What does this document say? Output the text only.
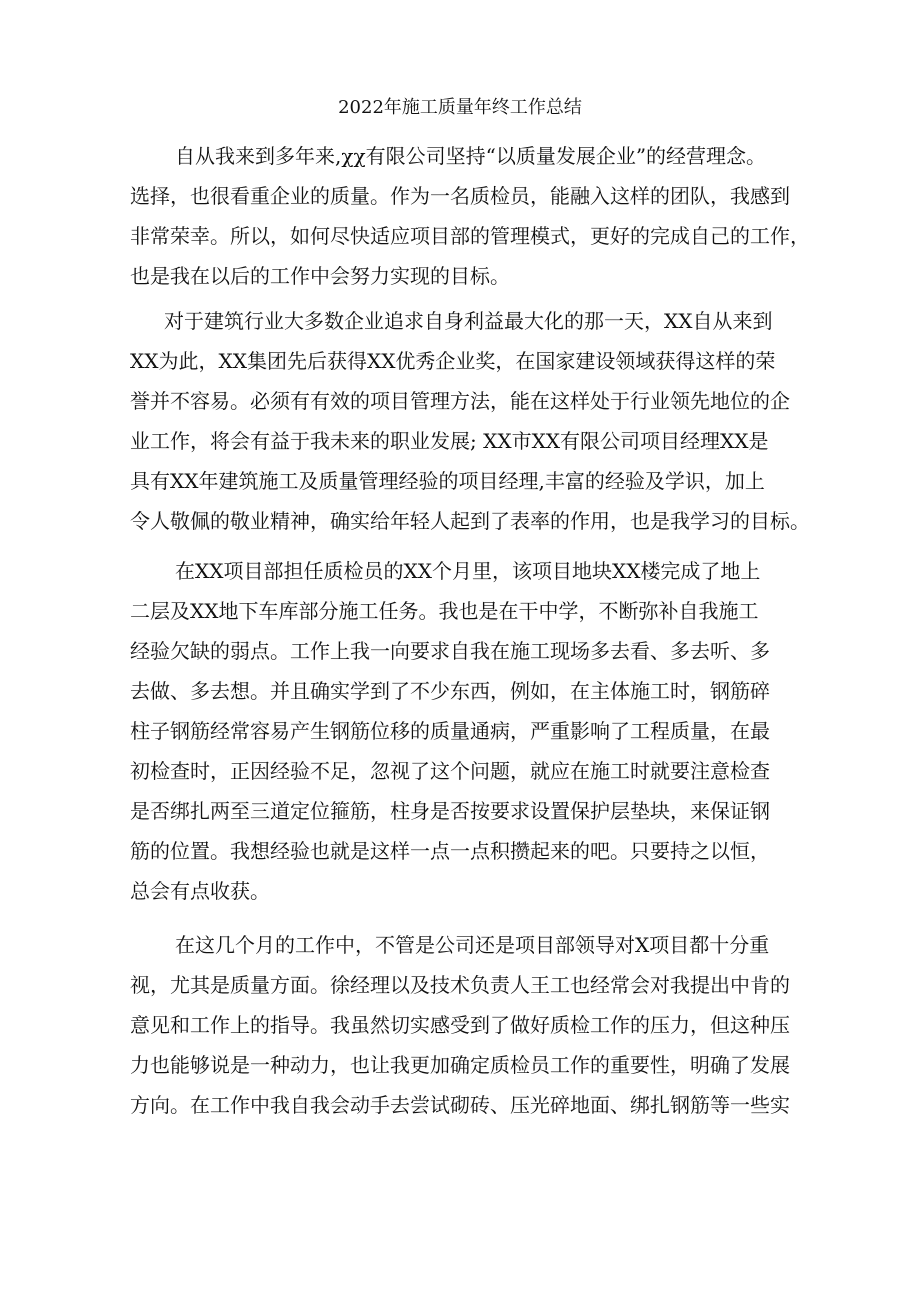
2022年施工质量年终工作总结
自从我来到多年来,χχ有限公司坚持“以质量发展企业”的经营理念。
选择，也很看重企业的质量。作为一名质检员，能融入这样的团队，我感到
非常荣幸。所以，如何尽快适应项目部的管理模式，更好的完成自己的工作，
也是我在以后的工作中会努力实现的目标。
对于建筑行业大多数企业追求自身利益最大化的那一天，XX自从来到
XX为此，XX集团先后获得XX优秀企业奖，在国家建设领域获得这样的荣
誉并不容易。必须有有效的项目管理方法，能在这样处于行业领先地位的企
业工作，将会有益于我未来的职业发展; XX市XX有限公司项目经理XX是
具有XX年建筑施工及质量管理经验的项目经理,丰富的经验及学识，加上
令人敬佩的敬业精神，确实给年轻人起到了表率的作用，也是我学习的目标。
在XX项目部担任质检员的XX个月里，该项目地块XX楼完成了地上
二层及XX地下车库部分施工任务。我也是在干中学，不断弥补自我施工
经验欠缺的弱点。工作上我一向要求自我在施工现场多去看、多去听、多
去做、多去想。并且确实学到了不少东西，例如，在主体施工时，钢筋碎
柱子钢筋经常容易产生钢筋位移的质量通病，严重影响了工程质量，在最
初检查时，正因经验不足，忽视了这个问题，就应在施工时就要注意检查
是否绑扎两至三道定位箍筋，柱身是否按要求设置保护层垫块，来保证钢
筋的位置。我想经验也就是这样一点一点积攒起来的吧。只要持之以恒，
总会有点收获。
在这几个月的工作中，不管是公司还是项目部领导对X项目都十分重
视，尤其是质量方面。徐经理以及技术负责人王工也经常会对我提出中肯的
意见和工作上的指导。我虽然切实感受到了做好质检工作的压力，但这种压
力也能够说是一种动力，也让我更加确定质检员工作的重要性，明确了发展
方向。在工作中我自我会动手去尝试砌砖、压光碎地面、绑扎钢筋等一些实
